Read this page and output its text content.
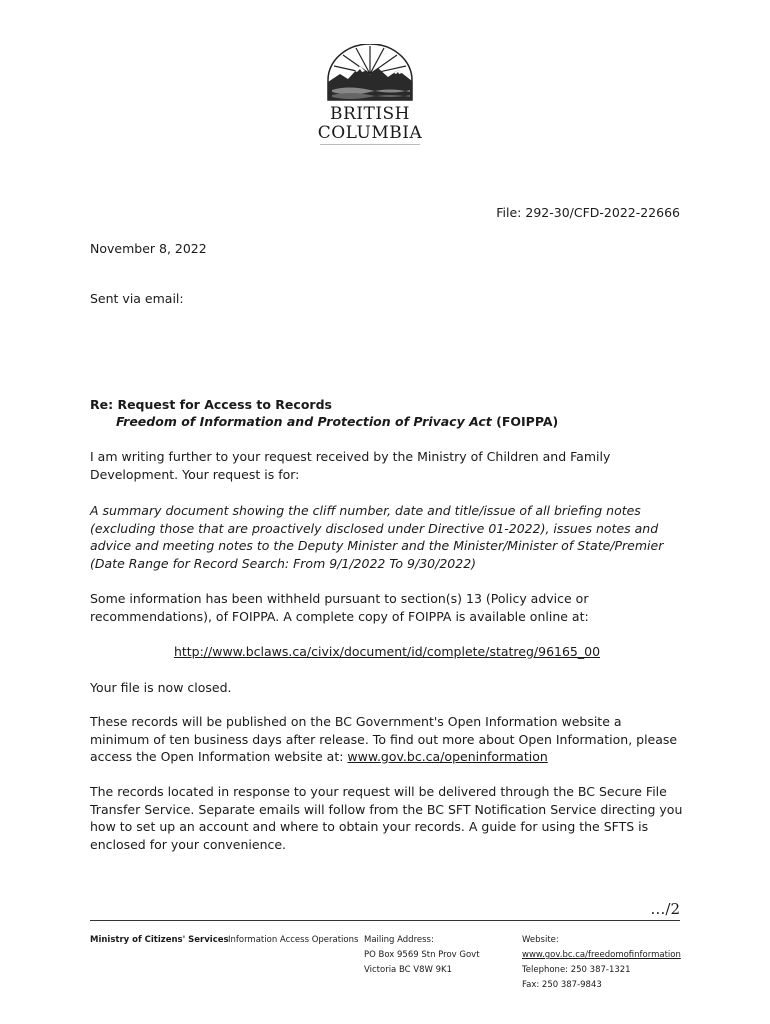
BRITISH
COLUMBIA

File: 292-30/CFD-2022-22666

November 8, 2022

Sent via email:

Re: Request for Access to Records

Freedom of Information and Protection of Privacy Act (FOIPPA)

I am writing further to your request received by the Ministry of Children and Family Development. Your request is for:

A summary document showing the cliff number, date and title/issue of all briefing notes (excluding those that are proactively disclosed under Directive 01-2022), issues notes and advice and meeting notes to the Deputy Minister and the Minister/Minister of State/Premier (Date Range for Record Search: From 9/1/2022 To 9/30/2022)

Some information has been withheld pursuant to section(s) 13 (Policy advice or recommendations), of FOIPPA. A complete copy of FOIPPA is available online at:

http://www.bclaws.ca/civix/document/id/complete/statreg/96165_00

Your file is now closed.

These records will be published on the BC Government's Open Information website a minimum of ten business days after release. To find out more about Open Information, please access the Open Information website at: www.gov.bc.ca/openinformation

The records located in response to your request will be delivered through the BC Secure File Transfer Service. Separate emails will follow from the BC SFT Notification Service directing you how to set up an account and where to obtain your records. A guide for using the SFTS is enclosed for your convenience.

…/2

Ministry of Citizens' Services Information Access Operations Mailing Address:
PO Box 9569 Stn Prov Govt
Victoria BC V8W 9K1
Website:
www.gov.bc.ca/freedomofinformation
Telephone: 250 387-1321
Fax: 250 387-9843
